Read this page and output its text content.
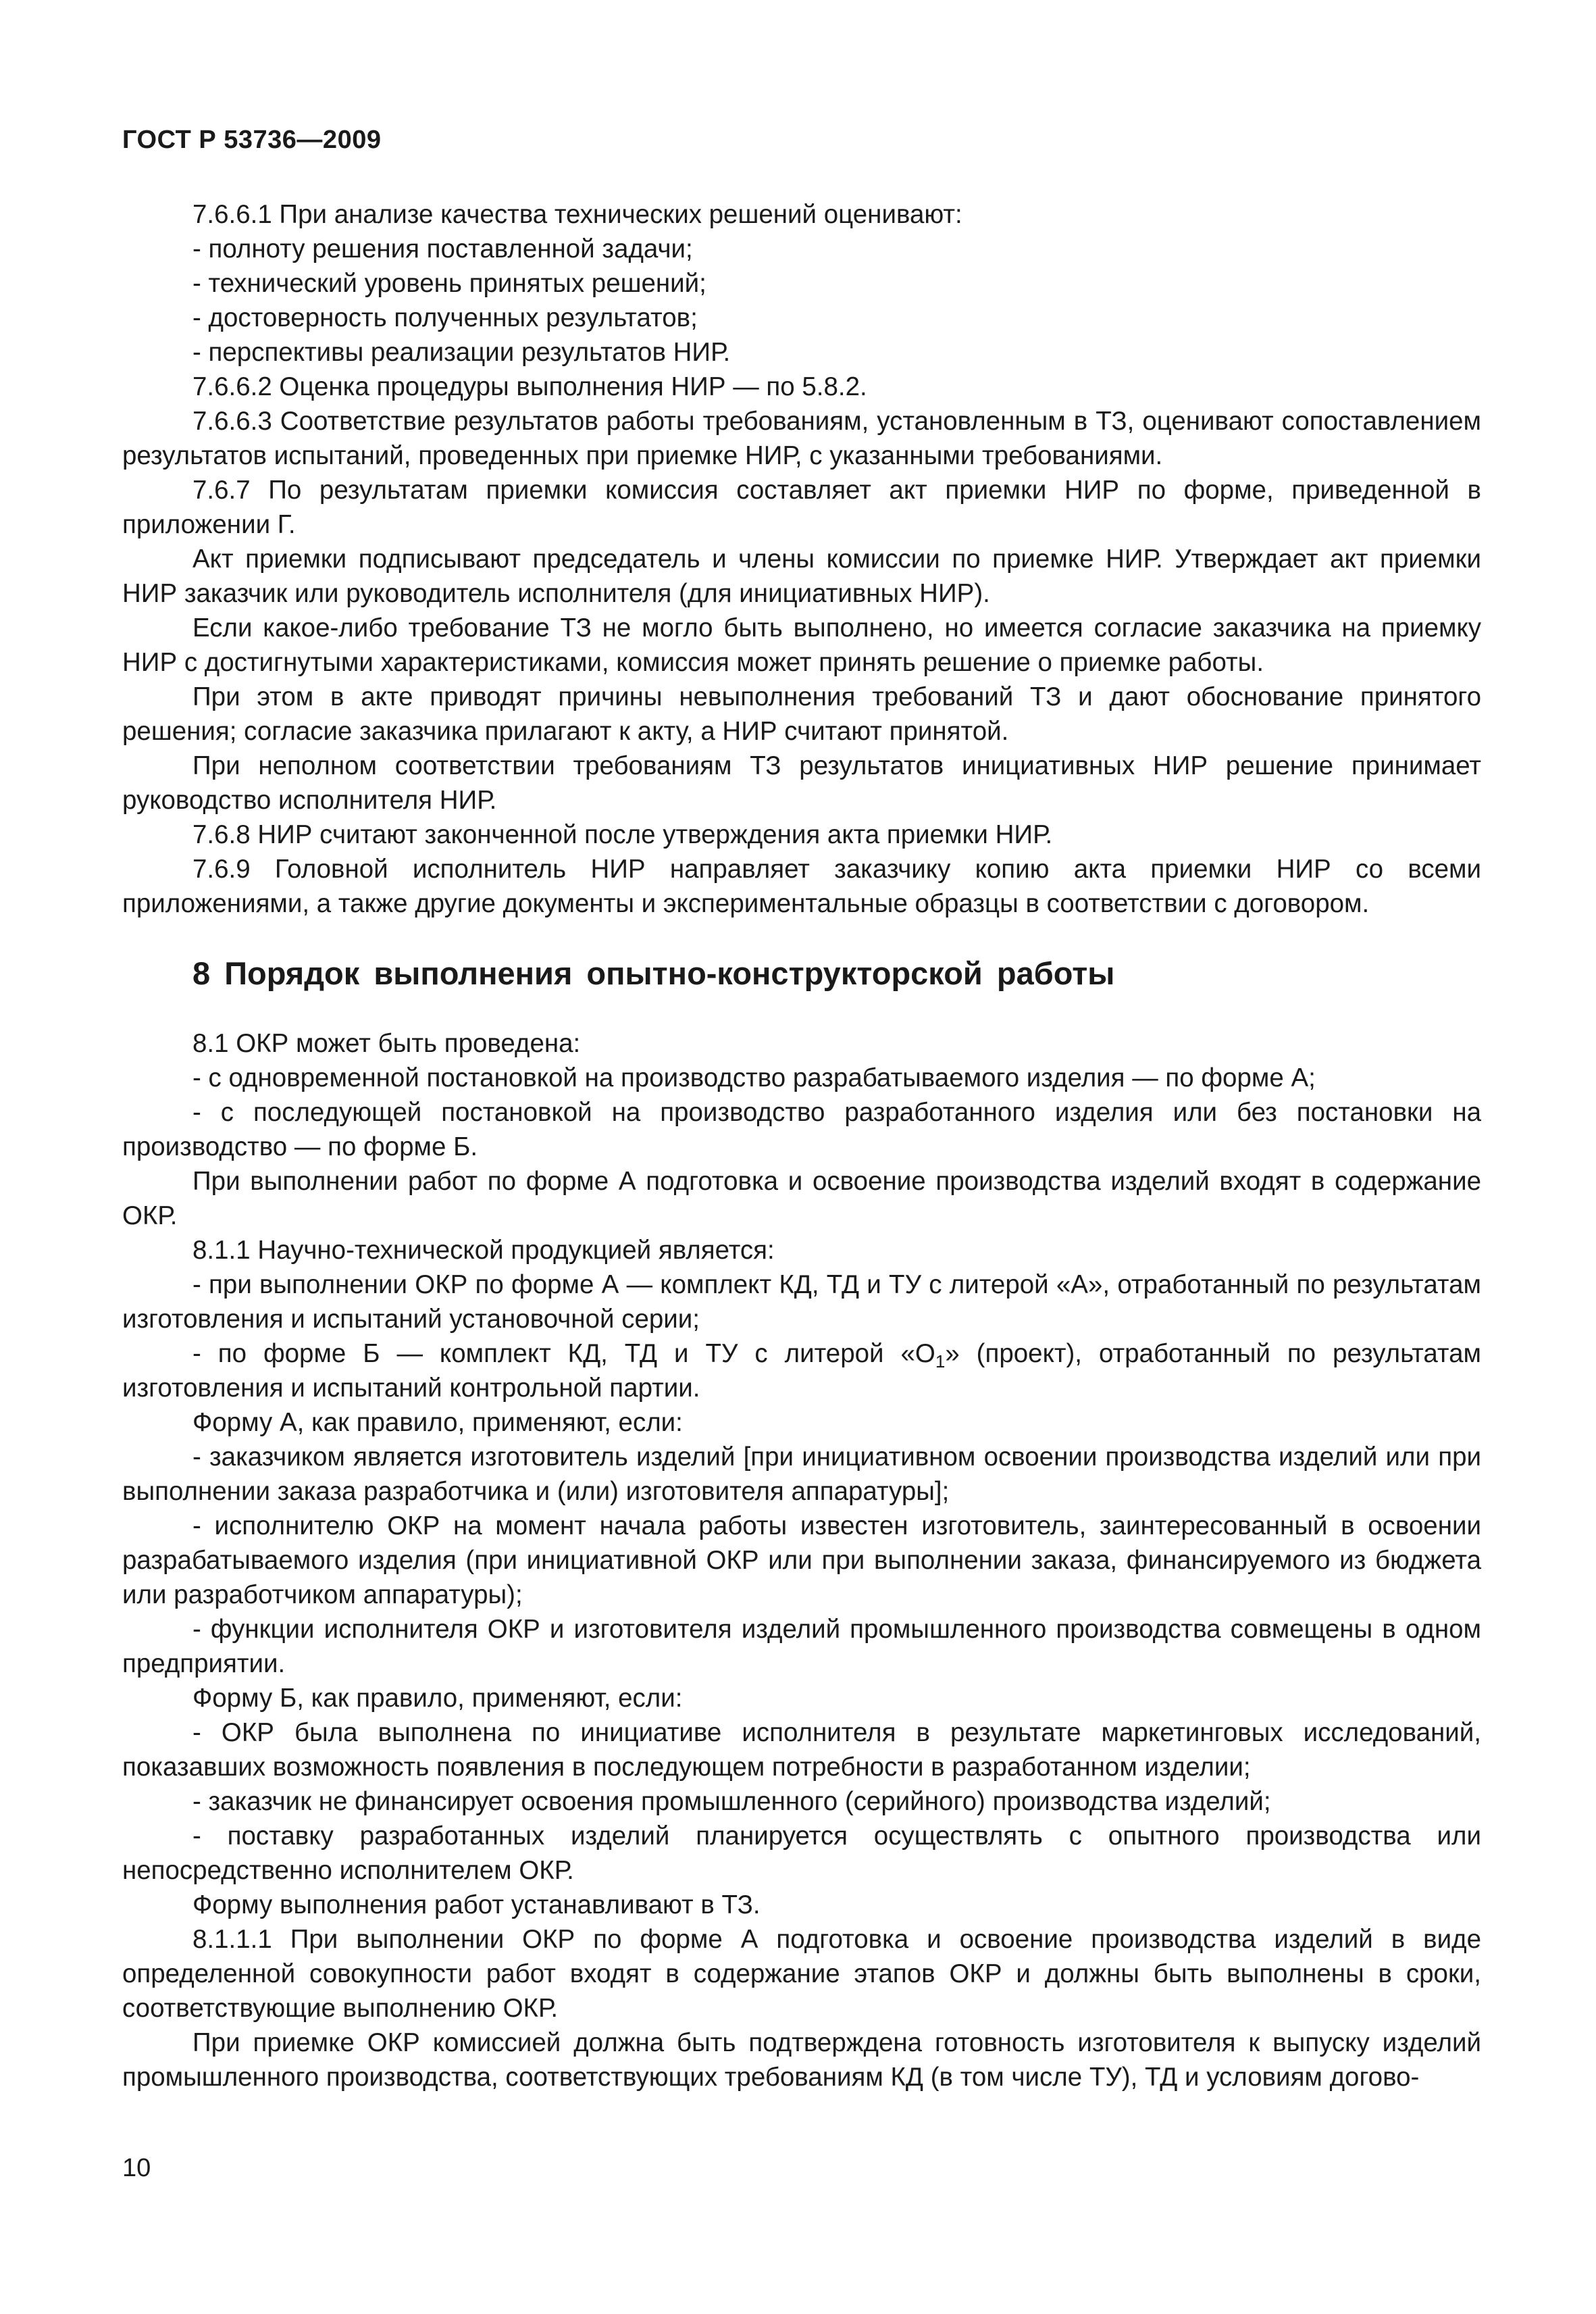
ГОСТ Р 53736—2009

7.6.6.1 При анализе качества технических решений оценивают:

- полноту решения поставленной задачи;

- технический уровень принятых решений;

- достоверность полученных результатов;

- перспективы реализации результатов НИР.

7.6.6.2 Оценка процедуры выполнения НИР — по 5.8.2.

7.6.6.3 Соответствие результатов работы требованиям, установленным в ТЗ, оценивают сопоставлением результатов испытаний, проведенных при приемке НИР, с указанными требованиями.

7.6.7 По результатам приемки комиссия составляет акт приемки НИР по форме, приведенной в приложении Г.

Акт приемки подписывают председатель и члены комиссии по приемке НИР. Утверждает акт приемки НИР заказчик или руководитель исполнителя (для инициативных НИР).

Если какое-либо требование ТЗ не могло быть выполнено, но имеется согласие заказчика на приемку НИР с достигнутыми характеристиками, комиссия может принять решение о приемке работы.

При этом в акте приводят причины невыполнения требований ТЗ и дают обоснование принятого решения; согласие заказчика прилагают к акту, а НИР считают принятой.

При неполном соответствии требованиям ТЗ результатов инициативных НИР решение принимает руководство исполнителя НИР.

7.6.8 НИР считают законченной после утверждения акта приемки НИР.

7.6.9 Головной исполнитель НИР направляет заказчику копию акта приемки НИР со всеми приложениями, а также другие документы и экспериментальные образцы в соответствии с договором.

8 Порядок выполнения опытно-конструкторской работы

8.1 ОКР может быть проведена:

- с одновременной постановкой на производство разрабатываемого изделия — по форме А;

- с последующей постановкой на производство разработанного изделия или без постановки на производство — по форме Б.

При выполнении работ по форме А подготовка и освоение производства изделий входят в содержание ОКР.

8.1.1 Научно-технической продукцией является:

- при выполнении ОКР по форме А — комплект КД, ТД и ТУ с литерой «А», отработанный по результатам изготовления и испытаний установочной серии;

- по форме Б — комплект КД, ТД и ТУ с литерой «$О_1$» (проект), отработанный по результатам изготовления и испытаний контрольной партии.

Форму А, как правило, применяют, если:

- заказчиком является изготовитель изделий [при инициативном освоении производства изделий или при выполнении заказа разработчика и (или) изготовителя аппаратуры];

- исполнителю ОКР на момент начала работы известен изготовитель, заинтересованный в освоении разрабатываемого изделия (при инициативной ОКР или при выполнении заказа, финансируемого из бюджета или разработчиком аппаратуры);

- функции исполнителя ОКР и изготовителя изделий промышленного производства совмещены в одном предприятии.

Форму Б, как правило, применяют, если:

- ОКР была выполнена по инициативе исполнителя в результате маркетинговых исследований, показавших возможность появления в последующем потребности в разработанном изделии;

- заказчик не финансирует освоения промышленного (серийного) производства изделий;

- поставку разработанных изделий планируется осуществлять с опытного производства или непосредственно исполнителем ОКР.

Форму выполнения работ устанавливают в ТЗ.

8.1.1.1 При выполнении ОКР по форме А подготовка и освоение производства изделий в виде определенной совокупности работ входят в содержание этапов ОКР и должны быть выполнены в сроки, соответствующие выполнению ОКР.

При приемке ОКР комиссией должна быть подтверждена готовность изготовителя к выпуску изделий промышленного производства, соответствующих требованиям КД (в том числе ТУ), ТД и условиям догово-

10
